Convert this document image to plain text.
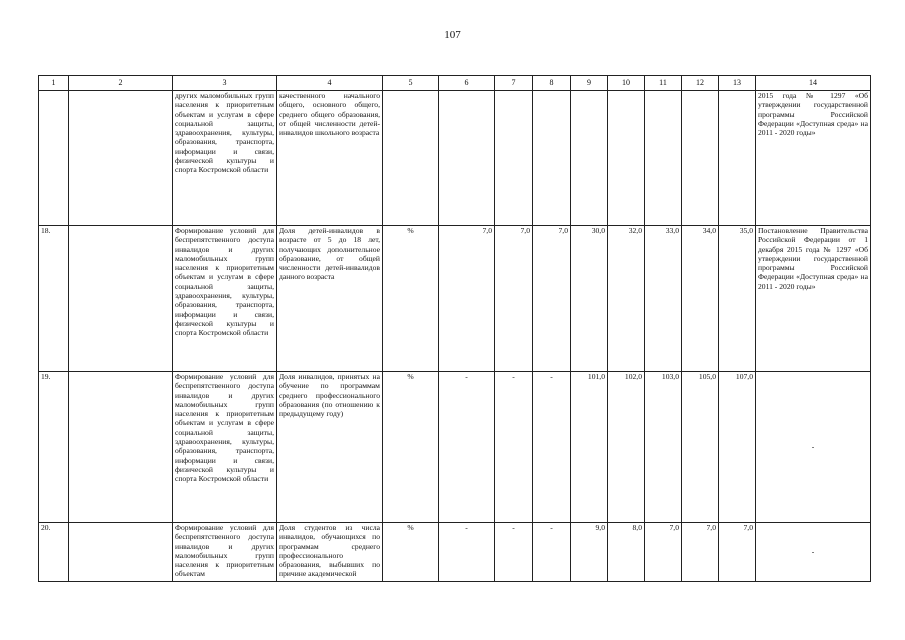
107
1	2	3	4	5	6	7	8	9	10	11	12	13	14
		других маломобильных групп населения к приоритетным объектам и услугам в сфере социальной защиты, здравоохранения, культуры, образования, транспорта, информации и связи, физической культуры и спорта Костромской области	качественного начального общего, основного общего, среднего общего образования, от общей численности детей-инвалидов школьного возраста										2015 года № 1297 «Об утверждении государственной программы Российской Федерации «Доступная среда» на 2011 - 2020 годы»
18.		Формирование условий для беспрепятственного доступа инвалидов и других маломобильных групп населения к приоритетным объектам и услугам в сфере социальной защиты, здравоохранения, культуры, образования, транспорта, информации и связи, физической культуры и спорта Костромской области	Доля детей-инвалидов в возрасте от 5 до 18 лет, получающих дополнительное образование, от общей численности детей-инвалидов данного возраста	%	7,0	7,0	7,0	30,0	32,0	33,0	34,0	35,0	Постановление Правительства Российской Федерации от 1 декабря 2015 года № 1297 «Об утверждении государственной программы Российской Федерации «Доступная среда» на 2011 - 2020 годы»
19.		Формирование условий для беспрепятственного доступа инвалидов и других маломобильных групп населения к приоритетным объектам и услугам в сфере социальной защиты, здравоохранения, культуры, образования, транспорта, информации и связи, физической культуры и спорта Костромской области	Доля инвалидов, принятых на обучение по программам среднего профессионального образования (по отношению к предыдущему году)	%	-	-	-	101,0	102,0	103,0	105,0	107,0	-
20.		Формирование условий для беспрепятственного доступа инвалидов и других маломобильных групп населения к приоритетным объектам	Доля студентов из числа инвалидов, обучающихся по программам среднего профессионального образования, выбывших по причине академической	%	-	-	-	9,0	8,0	7,0	7,0	7,0	-
